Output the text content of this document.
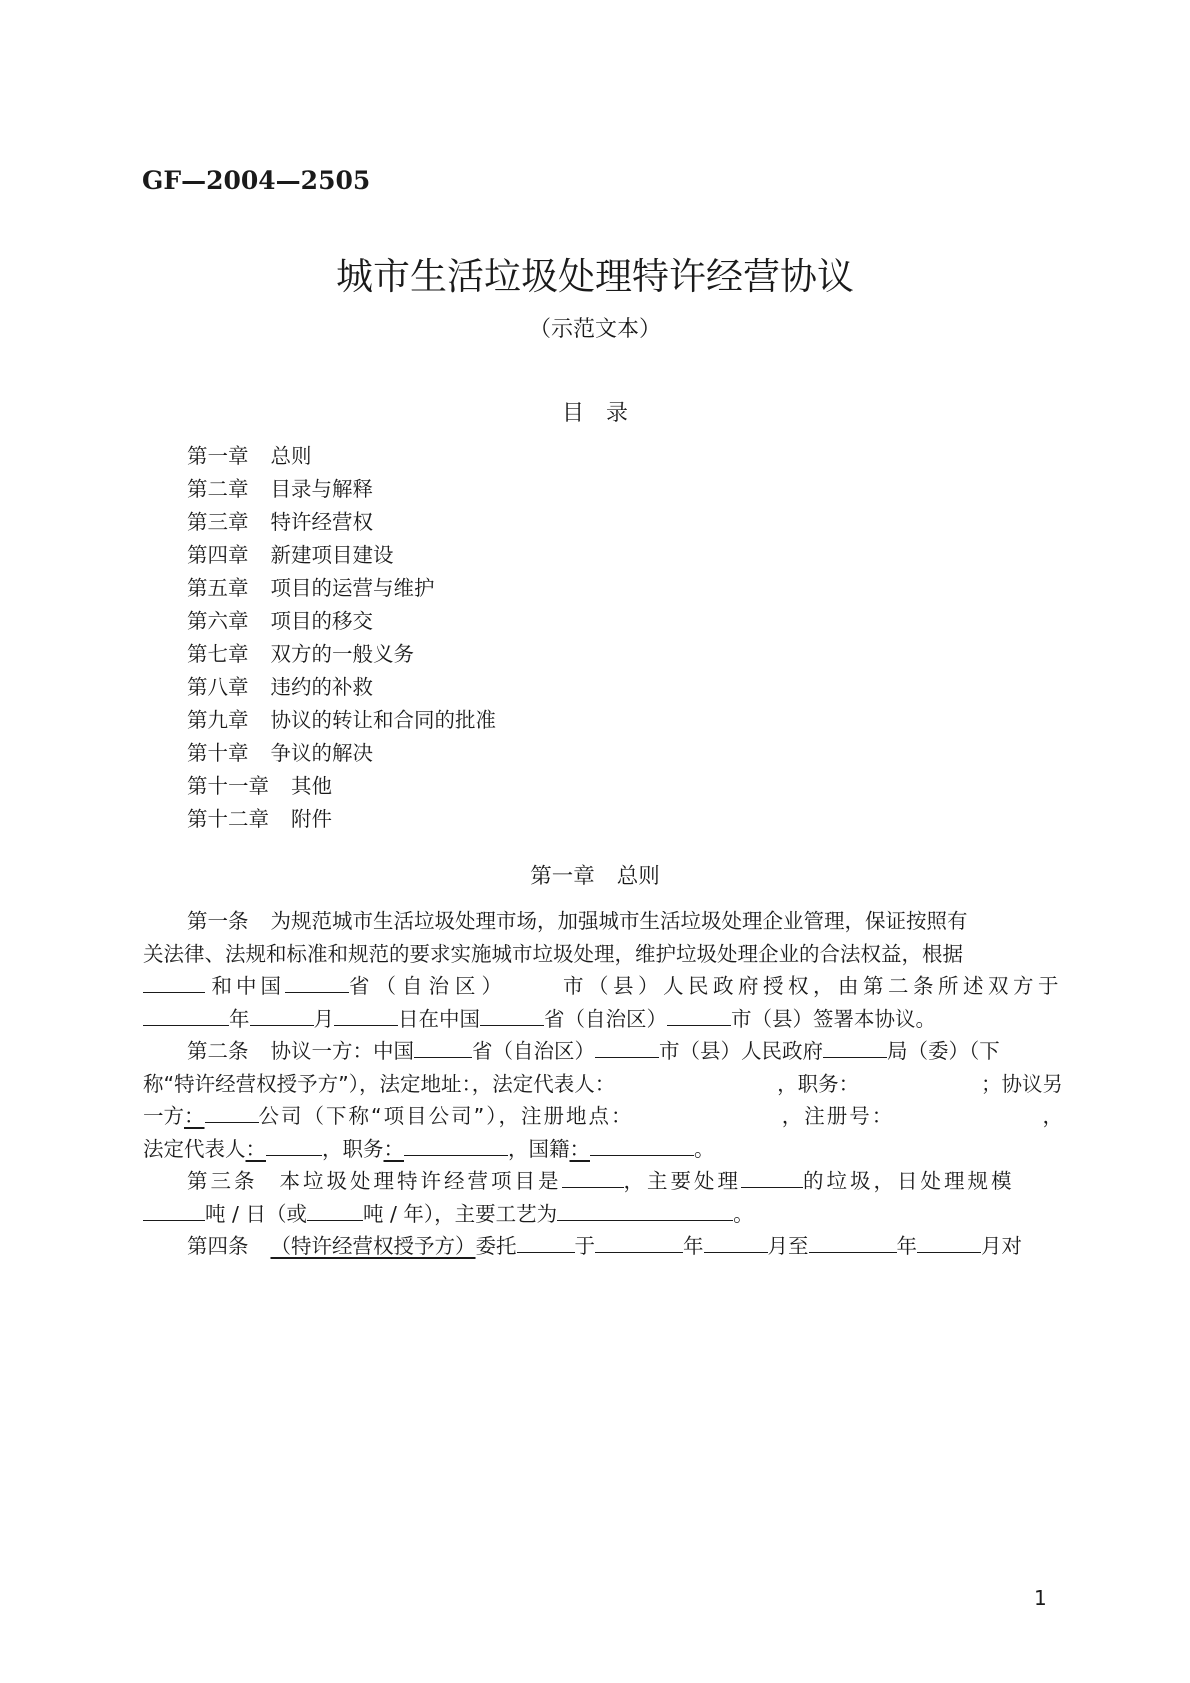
GF—2004—2505
城市生活垃圾处理特许经营协议
（示范文本）
目　录
第一章 总则
第二章 目录与解释
第三章 特许经营权
第四章 新建项目建设
第五章 项目的运营与维护
第六章 项目的移交
第七章 双方的一般义务
第八章 违约的补救
第九章 协议的转让和合同的批准
第十章 争议的解决
第十一章 其他
第十二章 附件
第一章 总则
第一条 为规范城市生活垃圾处理市场，加强城市生活垃圾处理企业管理，保证按照有
关法律、法规和标准和规范的要求实施城市垃圾处理，维护垃圾处理企业的合法权益，根据
和中国	省（自治区）	市（县）人民政府授权，由第二条所述双方于
年	月	日在中国	省（自治区）	市（县）签署本协议。
第二条 协议一方：中国	省（自治区）	市（县）人民政府	局（委）（下
称“特许经营权授予方”），法定地址：，法定代表人：	，职务：	；协议另
一方：	公司（下称“项目公司”），注册地点：	，注册号：	，
法定代表人 ：	，职务 ：	，国籍 ：	。
第三条 本垃圾处理特许经营项目是	，主要处理	的垃圾，日处理规模
吨 / 日（或	吨 / 年），主要工艺为	。
第四条 （特许经营权授予方） 委托	于	年	月至	年	月对
1
